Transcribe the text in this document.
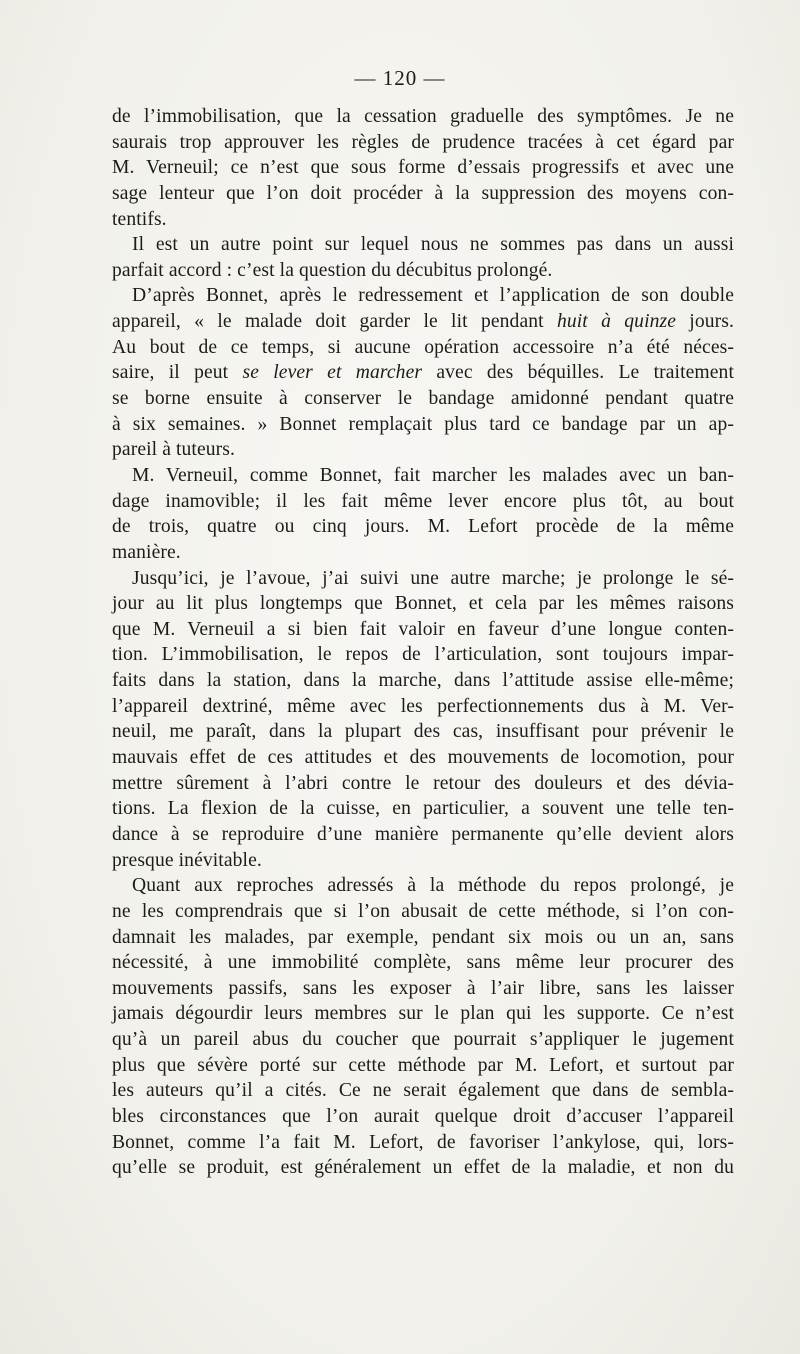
— 120 —
de l’immobilisation, que la cessation graduelle des symptômes. Je ne
saurais trop approuver les règles de prudence tracées à cet égard par
M. Verneuil; ce n’est que sous forme d’essais progressifs et avec une
sage lenteur que l’on doit procéder à la suppression des moyens con-
tentifs.
Il est un autre point sur lequel nous ne sommes pas dans un aussi
parfait accord : c’est la question du décubitus prolongé.
D’après Bonnet, après le redressement et l’application de son double
appareil, « le malade doit garder le lit pendant huit à quinze jours.
Au bout de ce temps, si aucune opération accessoire n’a été néces-
saire, il peut se lever et marcher avec des béquilles. Le traitement
se borne ensuite à conserver le bandage amidonné pendant quatre
à six semaines. » Bonnet remplaçait plus tard ce bandage par un ap-
pareil à tuteurs.
M. Verneuil, comme Bonnet, fait marcher les malades avec un ban-
dage inamovible; il les fait même lever encore plus tôt, au bout
de trois, quatre ou cinq jours. M. Lefort procède de la même
manière.
Jusqu’ici, je l’avoue, j’ai suivi une autre marche; je prolonge le sé-
jour au lit plus longtemps que Bonnet, et cela par les mêmes raisons
que M. Verneuil a si bien fait valoir en faveur d’une longue conten-
tion. L’immobilisation, le repos de l’articulation, sont toujours impar-
faits dans la station, dans la marche, dans l’attitude assise elle-même;
l’appareil dextriné, même avec les perfectionnements dus à M. Ver-
neuil, me paraît, dans la plupart des cas, insuffisant pour prévenir le
mauvais effet de ces attitudes et des mouvements de locomotion, pour
mettre sûrement à l’abri contre le retour des douleurs et des dévia-
tions. La flexion de la cuisse, en particulier, a souvent une telle ten-
dance à se reproduire d’une manière permanente qu’elle devient alors
presque inévitable.
Quant aux reproches adressés à la méthode du repos prolongé, je
ne les comprendrais que si l’on abusait de cette méthode, si l’on con-
damnait les malades, par exemple, pendant six mois ou un an, sans
nécessité, à une immobilité complète, sans même leur procurer des
mouvements passifs, sans les exposer à l’air libre, sans les laisser
jamais dégourdir leurs membres sur le plan qui les supporte. Ce n’est
qu’à un pareil abus du coucher que pourrait s’appliquer le jugement
plus que sévère porté sur cette méthode par M. Lefort, et surtout par
les auteurs qu’il a cités. Ce ne serait également que dans de sembla-
bles circonstances que l’on aurait quelque droit d’accuser l’appareil
Bonnet, comme l’a fait M. Lefort, de favoriser l’ankylose, qui, lors-
qu’elle se produit, est généralement un effet de la maladie, et non du
